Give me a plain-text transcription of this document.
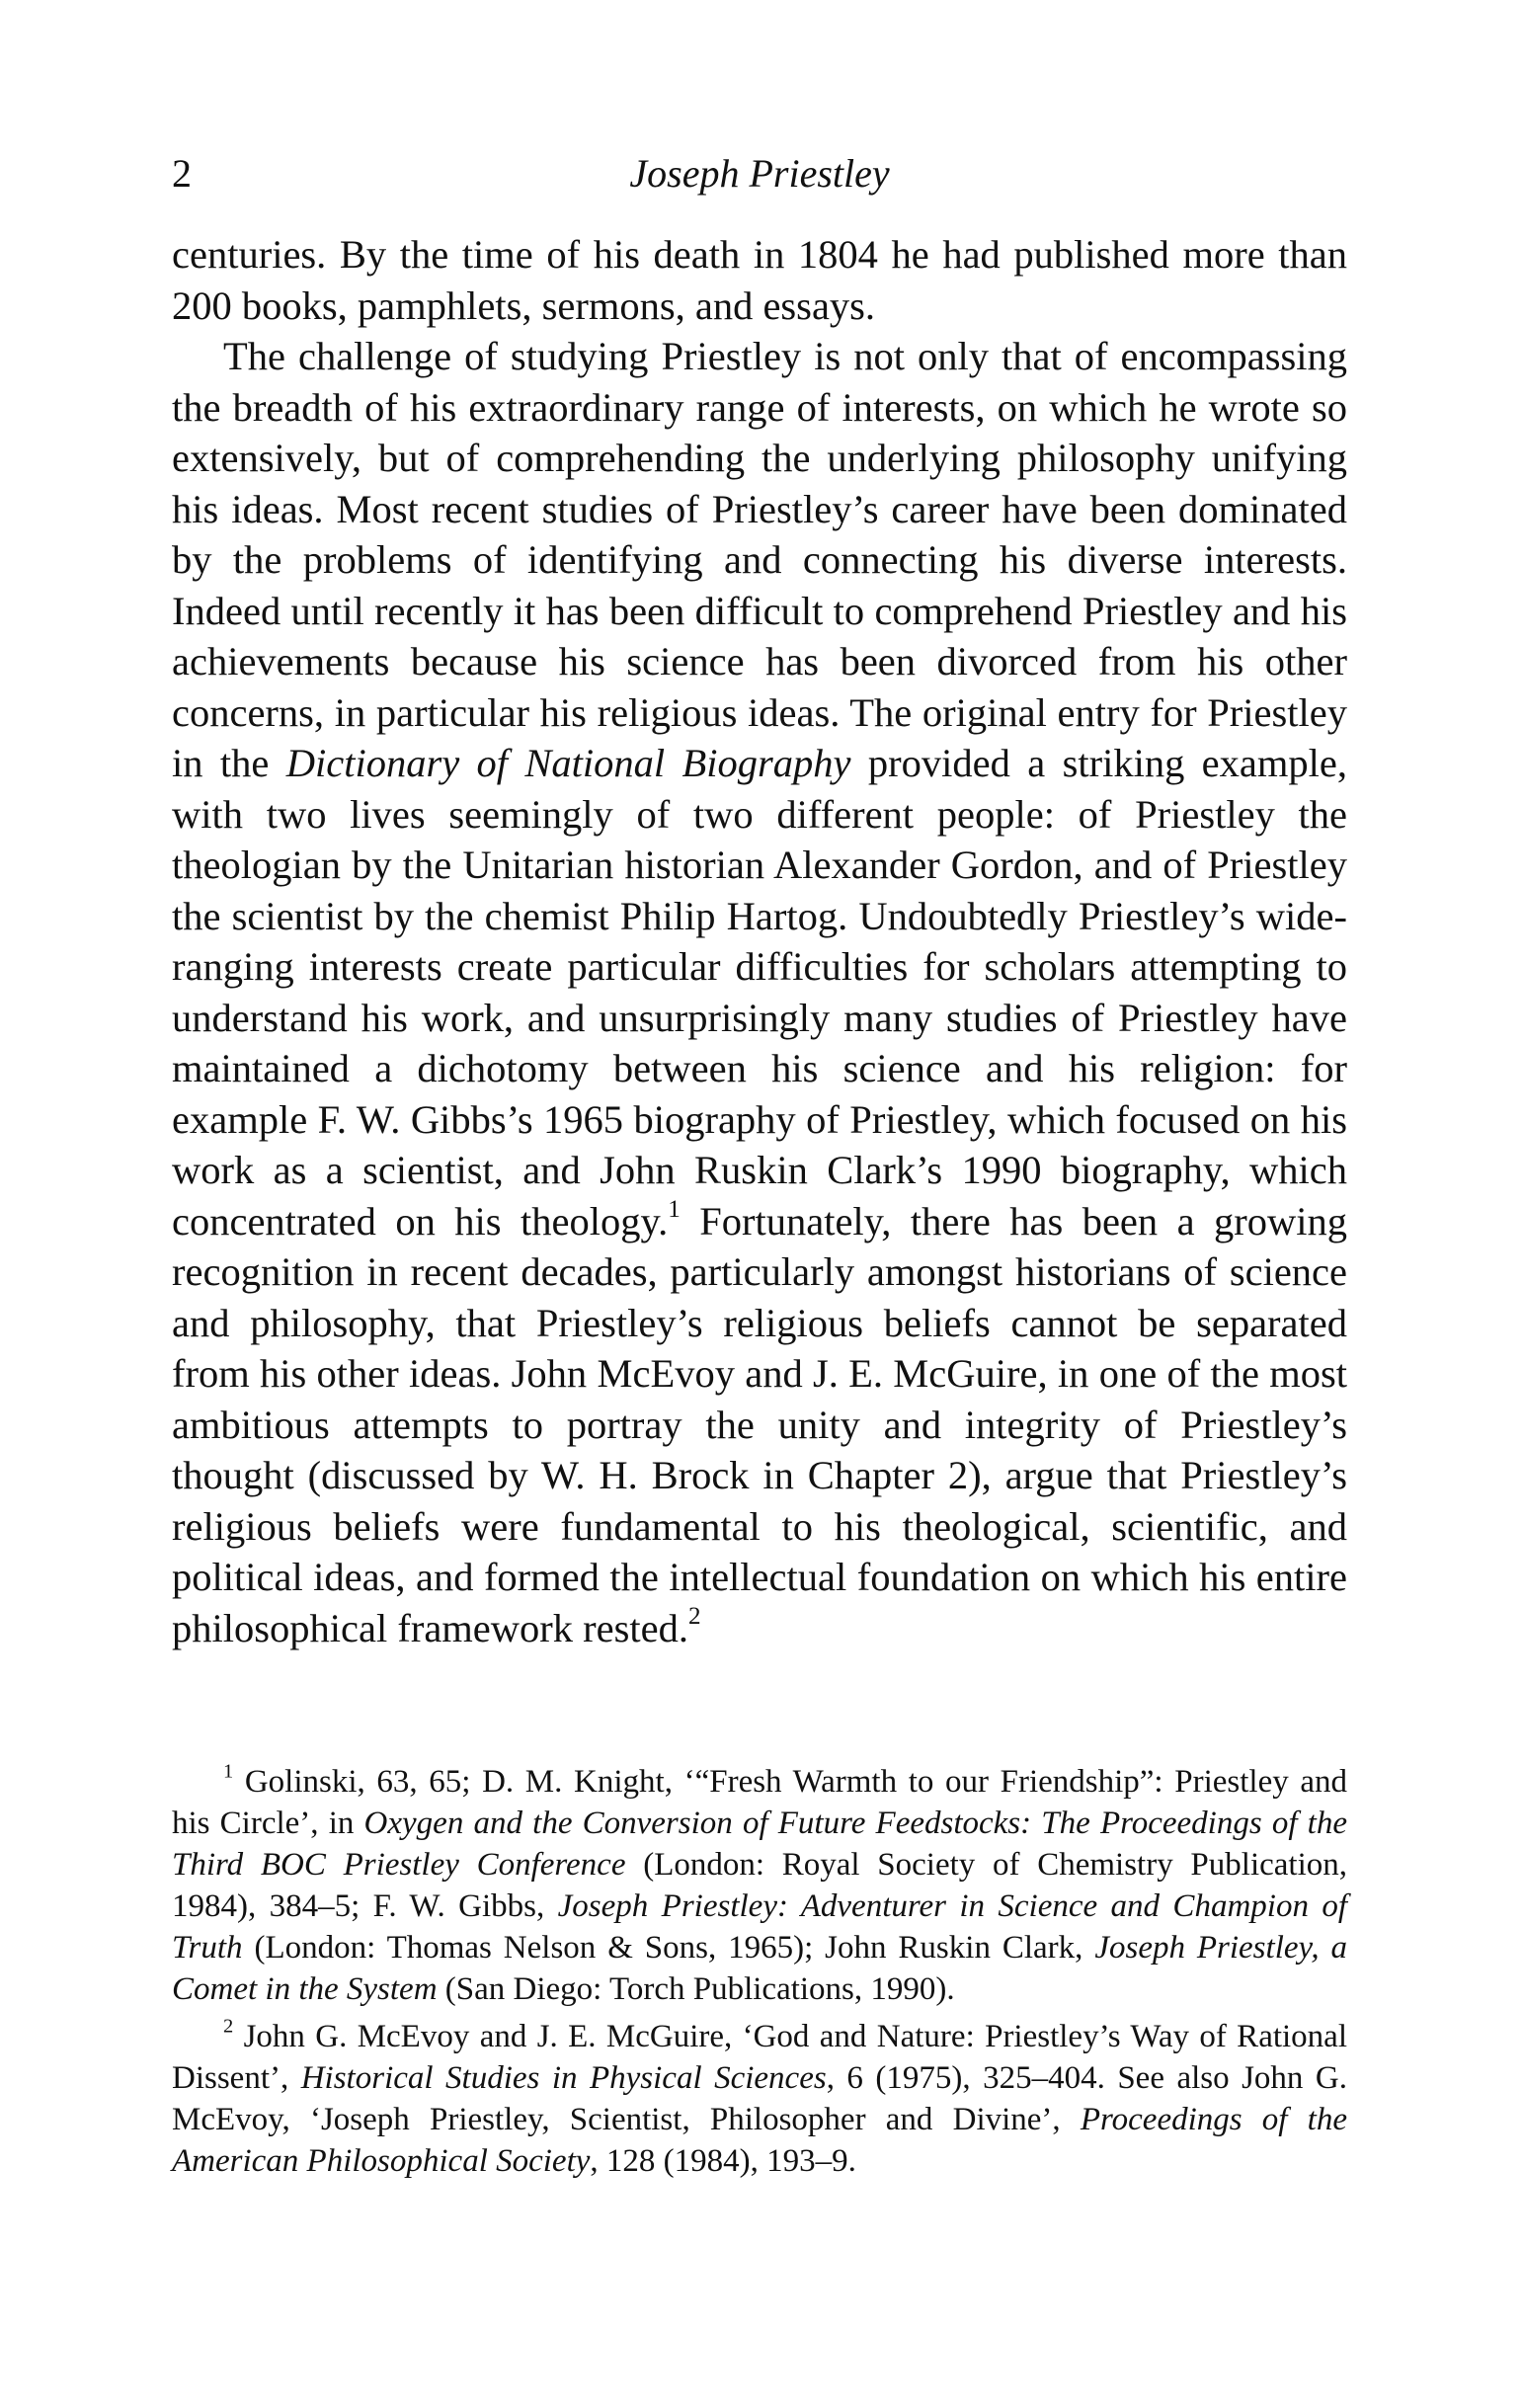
2	Joseph Priestley

centuries. By the time of his death in 1804 he had published more than 200 books, pamphlets, sermons, and essays.

The challenge of studying Priestley is not only that of encompassing the breadth of his extraordinary range of interests, on which he wrote so extensively, but of comprehending the underlying philosophy unifying his ideas. Most recent studies of Priestley’s career have been dominated by the problems of identifying and connecting his diverse interests. Indeed until recently it has been difficult to comprehend Priestley and his achievements because his science has been divorced from his other concerns, in particular his religious ideas. The original entry for Priestley in the Dictionary of National Biography provided a striking example, with two lives seemingly of two different people: of Priestley the theologian by the Unitarian historian Alexander Gordon, and of Priestley the scientist by the chemist Philip Hartog. Undoubtedly Priestley’s wide-ranging interests create particular difficulties for scholars attempting to understand his work, and unsurprisingly many studies of Priestley have maintained a dichotomy between his science and his religion: for example F. W. Gibbs’s 1965 biography of Priestley, which focused on his work as a scientist, and John Ruskin Clark’s 1990 biography, which concentrated on his theology.$^1$ Fortunately, there has been a growing recognition in recent decades, particularly amongst historians of science and philosophy, that Priestley’s religious beliefs cannot be separated from his other ideas. John McEvoy and J. E. McGuire, in one of the most ambitious attempts to portray the unity and integrity of Priestley’s thought (discussed by W. H. Brock in Chapter 2), argue that Priestley’s religious beliefs were fundamental to his theological, scientific, and political ideas, and formed the intellectual foundation on which his entire philosophical framework rested.$^2$

$^1$ Golinski, 63, 65; D. M. Knight, ‘“Fresh Warmth to our Friendship”: Priestley and his Circle’, in Oxygen and the Conversion of Future Feedstocks: The Proceedings of the Third BOC Priestley Conference (London: Royal Society of Chemistry Publication, 1984), 384–5; F. W. Gibbs, Joseph Priestley: Adventurer in Science and Champion of Truth (London: Thomas Nelson & Sons, 1965); John Ruskin Clark, Joseph Priestley, a Comet in the System (San Diego: Torch Publications, 1990).

$^2$ John G. McEvoy and J. E. McGuire, ‘God and Nature: Priestley’s Way of Rational Dissent’, Historical Studies in Physical Sciences, 6 (1975), 325–404. See also John G. McEvoy, ‘Joseph Priestley, Scientist, Philosopher and Divine’, Proceedings of the American Philosophical Society, 128 (1984), 193–9.
